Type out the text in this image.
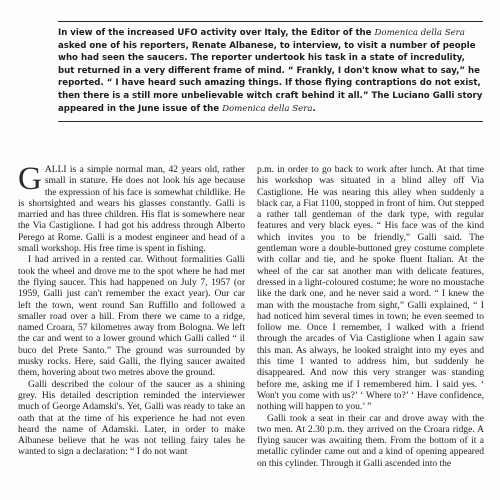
In view of the increased UFO activity over Italy, the Editor of the Domenica della Sera asked one of his reporters, Renate Albanese, to interview, to visit a number of people who had seen the saucers. The reporter undertook his task in a state of incredulity, but returned in a very different frame of mind. “ Frankly, I don't know what to say,” he reported. “ I have heard such amazing things. If those flying contraptions do not exist, then there is a still more unbelievable witch craft behind it all.” The Luciano Galli story appeared in the June issue of the Domenica della Sera.

GALLI is a simple normal man, 42 years old, rather small in stature. He does not look his age because the expression of his face is somewhat childlike. He is shortsighted and wears his glasses constantly. Galli is married and has three children. His flat is somewhere near the Via Castiglione. I had got his address through Alberto Perego at Rome. Galli is a modest engineer and head of a small workshop. His free time is spent in fishing.

I had arrived in a rented car. Without formalities Galli took the wheel and drove me to the spot where he had met the flying saucer. This had happened on July 7, 1957 (or 1959, Galli just can't remember the exact year). Our car left the town, went round San Ruffillo and followed a smaller road over a hill. From there we came to a ridge, named Croara, 57 kilometres away from Bologna. We left the car and went to a lower ground which Galli called “ il buco del Prete Santo.” The ground was surrounded by musky rocks. Here, said Galli, the flying saucer awaited them, hovering about two metres above the ground.

Galli described the colour of the saucer as a shining grey. His detailed description reminded the interviewer much of George Adamski's. Yet, Galli was ready to take an oath that at the time of his experience he had not even heard the name of Adamski. Later, in order to make Albanese believe that he was not telling fairy tales he wanted to sign a declaration: “ I do not want

p.m. in order to go back to work after lunch. At that time his workshop was situated in a blind alley off Via Castiglione. He was nearing this alley when suddenly a black car, a Fiat 1100, stopped in front of him. Out stepped a rather tall gentleman of the dark type, with regular features and very black eyes. “ His face was of the kind which invites you to be friendly,” Galli said. The gentleman wore a double-buttoned grey costume complete with collar and tie, and he spoke fluent Italian. At the wheel of the car sat another man with delicate features, dressed in a light-coloured costume; he wore no moustache like the dark one, and he never said a word. “ I knew the man with the moustache from sight,” Galli explained, “ I had noticed him several times in town; he even seemed to follow me. Once I remember, I walked with a friend through the arcades of Via Castiglione when I again saw this man. As always, he looked straight into my eyes and this time I wanted to address him, but suddenly he disappeared. And now this very stranger was standing before me, asking me if I remembered him. I said yes. ‘ Won't you come with us?’ ‘ Where to?’ ‘ Have confidence, nothing will happen to you.’ ”

Galli took a seat in their car and drove away with the two men. At 2.30 p.m. they arrived on the Croara ridge. A flying saucer was awaiting them. From the bottom of it a metallic cylinder came out and a kind of opening appeared on this cylinder. Through it Galli ascended into the
